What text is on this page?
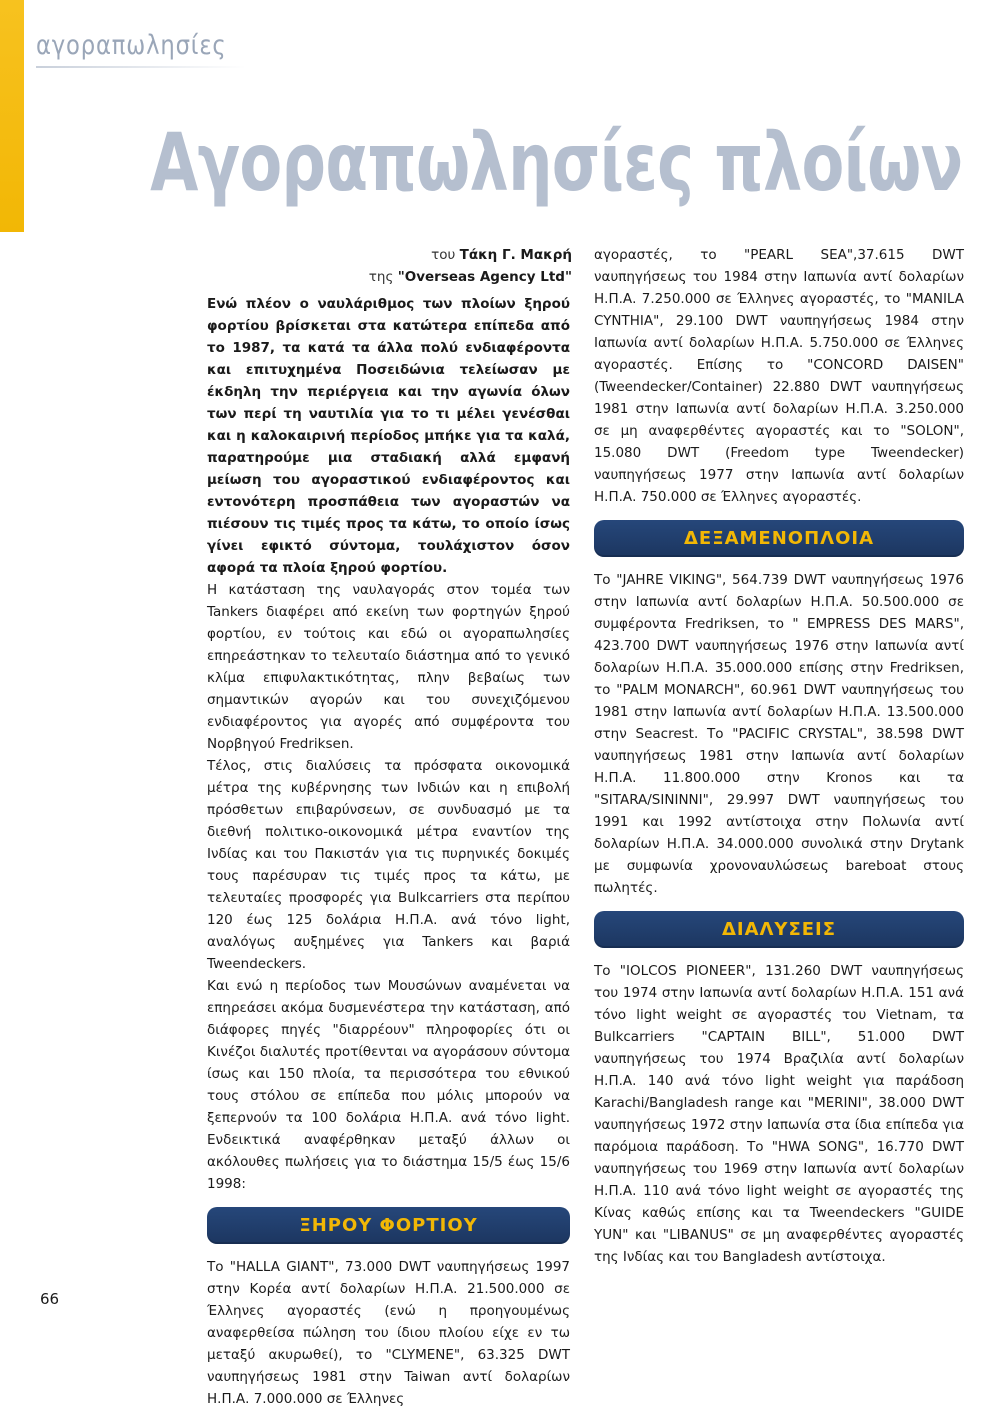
αγοραπωλησίες
Αγοραπωλησίες πλοίων
του Τάκη Γ. Μακρή
της "Overseas Agency Ltd"

Ενώ πλέον ο ναυλάριθμος των πλοίων ξηρού φορτίου βρίσκεται στα κατώτερα επίπεδα από το 1987, τα κατά τα άλλα πολύ ενδιαφέροντα και επιτυχημένα Ποσειδώνια τελείωσαν με έκδηλη την περιέργεια και την αγωνία όλων των περί τη ναυτιλία για το τι μέλει γενέσθαι και η καλοκαιρινή περίοδος μπήκε για τα καλά, παρατηρούμε μια σταδιακή αλλά εμφανή μείωση του αγοραστικού ενδιαφέροντος και εντονότερη προσπάθεια των αγοραστών να πιέσουν τις τιμές προς τα κάτω, το οποίο ίσως γίνει εφικτό σύντομα, τουλάχιστον όσον αφορά τα πλοία ξηρού φορτίου.

Η κατάσταση της ναυλαγοράς στον τομέα των Tankers διαφέρει από εκείνη των φορτηγών ξηρού φορτίου, εν τούτοις και εδώ οι αγοραπωλησίες επηρεάστηκαν το τελευταίο διάστημα από το γενικό κλίμα επιφυλακτικότητας, πλην βεβαίως των σημαντικών αγορών και του συνεχιζόμενου ενδιαφέροντος για αγορές από συμφέροντα του Νορβηγού Fredriksen.

Τέλος, στις διαλύσεις τα πρόσφατα οικονομικά μέτρα της κυβέρνησης των Ινδιών και η επιβολή πρόσθετων επιβαρύνσεων, σε συνδυασμό με τα διεθνή πολιτικο-οικονομικά μέτρα εναντίον της Ινδίας και του Πακιστάν για τις πυρηνικές δοκιμές τους παρέσυραν τις τιμές προς τα κάτω, με τελευταίες προσφορές για Bulkcarriers στα περίπου 120 έως 125 δολάρια Η.Π.Α. ανά τόνο light, αναλόγως αυξημένες για Tankers και βαριά Tweendeckers.

Και ενώ η περίοδος των Μουσώνων αναμένεται να επηρεάσει ακόμα δυσμενέστερα την κατάσταση, από διάφορες πηγές "διαρρέουν" πληροφορίες ότι οι Κινέζοι διαλυτές προτίθενται να αγοράσουν σύντομα ίσως και 150 πλοία, τα περισσότερα του εθνικού τους στόλου σε επίπεδα που μόλις μπορούν να ξεπερνούν τα 100 δολάρια Η.Π.Α. ανά τόνο light. Ενδεικτικά αναφέρθηκαν μεταξύ άλλων οι ακόλουθες πωλήσεις για το διάστημα 15/5 έως 15/6 1998:

ΞΗΡΟΥ ΦΟΡΤΙΟΥ

Το "HALLA GIANT", 73.000 DWT ναυπηγήσεως 1997 στην Κορέα αντί δολαρίων Η.Π.Α. 21.500.000 σε Έλληνες αγοραστές (ενώ η προηγουμένως αναφερθείσα πώληση του ίδιου πλοίου είχε εν τω μεταξύ ακυρωθεί), το "CLYMENE", 63.325 DWT ναυπηγήσεως 1981 στην Taiwan αντί δολαρίων Η.Π.Α. 7.000.000 σε Έλληνες

αγοραστές, το "PEARL SEA",37.615 DWT ναυπηγήσεως του 1984 στην Ιαπωνία αντί δολαρίων Η.Π.Α. 7.250.000 σε Έλληνες αγοραστές, το "MANILA CYNTHIA", 29.100 DWT ναυπηγήσεως 1984 στην Ιαπωνία αντί δολαρίων Η.Π.Α. 5.750.000 σε Έλληνες αγοραστές. Επίσης το "CONCORD DAISEN" (Tweendecker/Container) 22.880 DWT ναυπηγήσεως 1981 στην Ιαπωνία αντί δολαρίων Η.Π.Α. 3.250.000 σε μη αναφερθέντες αγοραστές και το "SOLON", 15.080 DWT (Freedom type Tweendecker) ναυπηγήσεως 1977 στην Ιαπωνία αντί δολαρίων Η.Π.Α. 750.000 σε Έλληνες αγοραστές.

ΔΕΞΑΜΕΝΟΠΛΟΙΑ

Το "JAHRE VIKING", 564.739 DWT ναυπηγήσεως 1976 στην Ιαπωνία αντί δολαρίων Η.Π.Α. 50.500.000 σε συμφέροντα Fredriksen, το " EMPRESS DES MARS", 423.700 DWT ναυπηγήσεως 1976 στην Ιαπωνία αντί δολαρίων Η.Π.Α. 35.000.000 επίσης στην Fredriksen, το "PALM MONARCH", 60.961 DWT ναυπηγήσεως του 1981 στην Ιαπωνία αντί δολαρίων Η.Π.Α. 13.500.000 στην Seacrest. Το "PACIFIC CRYSTAL", 38.598 DWT ναυπηγήσεως 1981 στην Ιαπωνία αντί δολαρίων Η.Π.Α. 11.800.000 στην Kronos και τα "SITARA/SININNI", 29.997 DWT ναυπηγήσεως του 1991 και 1992 αντίστοιχα στην Πολωνία αντί δολαρίων Η.Π.Α. 34.000.000 συνολικά στην Drytank με συμφωνία χρονοναυλώσεως bareboat στους πωλητές.

ΔΙΑΛΥΣΕΙΣ

Το "IOLCOS PIONEER", 131.260 DWT ναυπηγήσεως του 1974 στην Ιαπωνία αντί δολαρίων Η.Π.Α. 151 ανά τόνο light weight σε αγοραστές του Vietnam, τα Bulkcarriers "CAPTAIN BILL", 51.000 DWT ναυπηγήσεως του 1974 Βραζιλία αντί δολαρίων Η.Π.Α. 140 ανά τόνο light weight για παράδοση Karachi/Bangladesh range και "MERINI", 38.000 DWT ναυπηγήσεως 1972 στην Ιαπωνία στα ίδια επίπεδα για παρόμοια παράδοση. Το "HWA SONG", 16.770 DWT ναυπηγήσεως του 1969 στην Ιαπωνία αντί δολαρίων Η.Π.Α. 110 ανά τόνο light weight σε αγοραστές της Κίνας καθώς επίσης και τα Tweendeckers "GUIDE YUN" και "LIBANUS" σε μη αναφερθέντες αγοραστές της Ινδίας και του Bangladesh αντίστοιχα.

66
